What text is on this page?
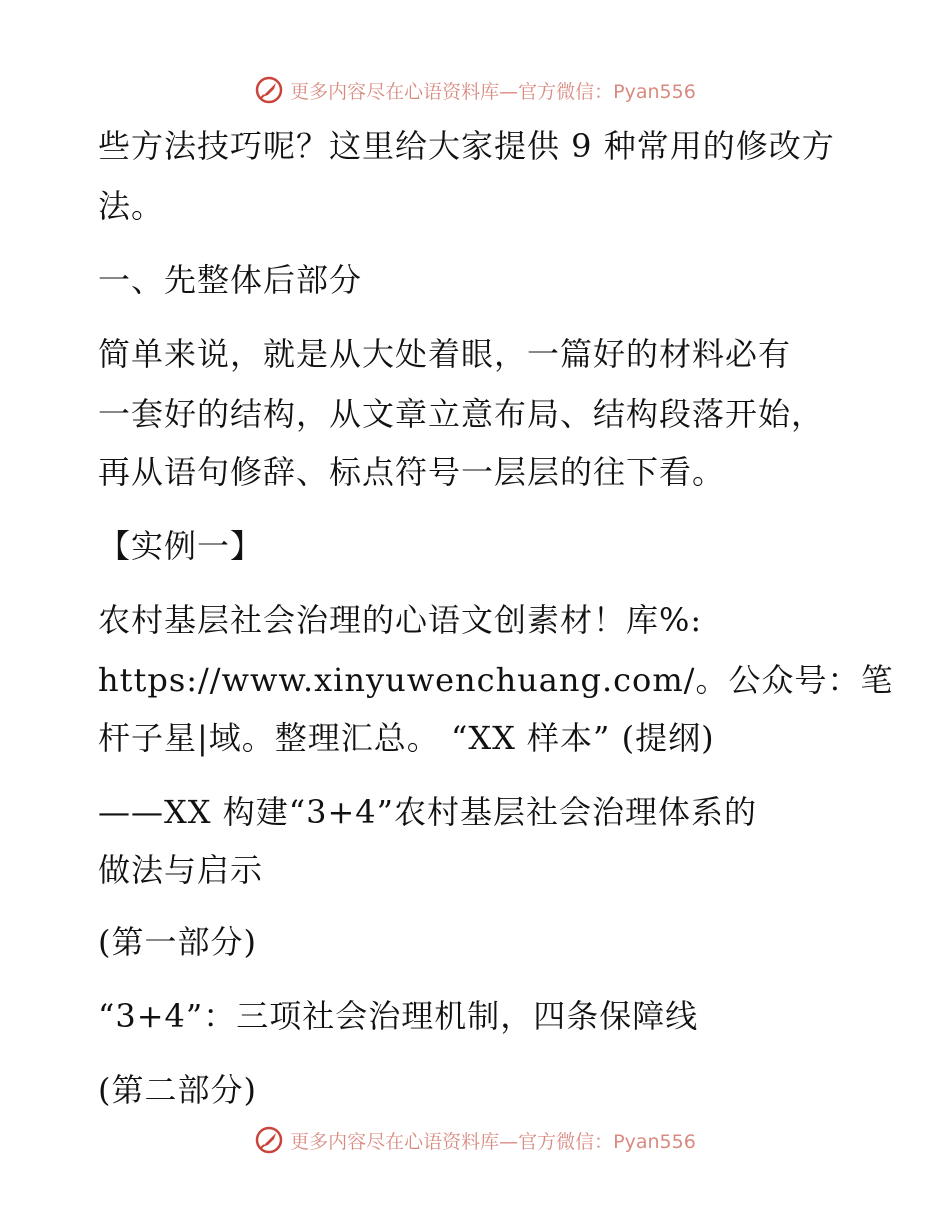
更多内容尽在心语资料库—官方微信：Pyan556
些方法技巧呢？这里给大家提供 9 种常用的修改方
法。
一、先整体后部分
简单来说，就是从大处着眼，一篇好的材料必有
一套好的结构，从文章立意布局、结构段落开始，
再从语句修辞、标点符号一层层的往下看。
【实例一】
农村基层社会治理的心语文创素材！库%:
https://www.xinyuwenchuang.com/。公众号：笔
杆子星|域。整理汇总。 “XX 样本” (提纲)
——XX 构建“3+4”农村基层社会治理体系的
做法与启示
(第一部分)
“3+4”：三项社会治理机制，四条保障线
(第二部分)
更多内容尽在心语资料库—官方微信：Pyan556
